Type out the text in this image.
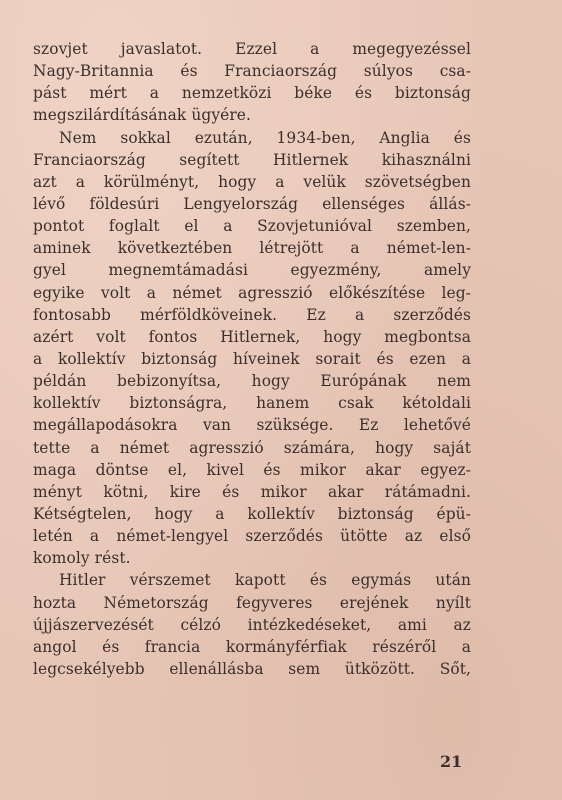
szovjet javaslatot. Ezzel a megegyezéssel
Nagy-Britannia és Franciaország súlyos csa-
pást mért a nemzetközi béke és biztonság
megszilárdításának ügyére.
Nem sokkal ezután, 1934-ben, Anglia és
Franciaország segített Hitlernek kihasználni
azt a körülményt, hogy a velük szövetségben
lévő földesúri Lengyelország ellenséges állás-
pontot foglalt el a Szovjetunióval szemben,
aminek következtében létrejött a német-len-
gyel megnemtámadási egyezmény, amely
egyike volt a német agresszió előkészítése leg-
fontosabb mérföldköveinek. Ez a szerződés
azért volt fontos Hitlernek, hogy megbontsa
a kollektív biztonság híveinek sorait és ezen a
példán bebizonyítsa, hogy Európának nem
kollektív biztonságra, hanem csak kétoldali
megállapodásokra van szüksége. Ez lehetővé
tette a német agresszió számára, hogy saját
maga döntse el, kivel és mikor akar egyez-
ményt kötni, kire és mikor akar rátámadni.
Kétségtelen, hogy a kollektív biztonság épü-
letén a német-lengyel szerződés ütötte az első
komoly rést.
Hitler vérszemet kapott és egymás után
hozta Németország fegyveres erejének nyílt
újjászervezését célzó intézkedéseket, ami az
angol és francia kormányférfiak részéről a
legcsekélyebb ellenállásba sem ütközött. Sőt,
21
